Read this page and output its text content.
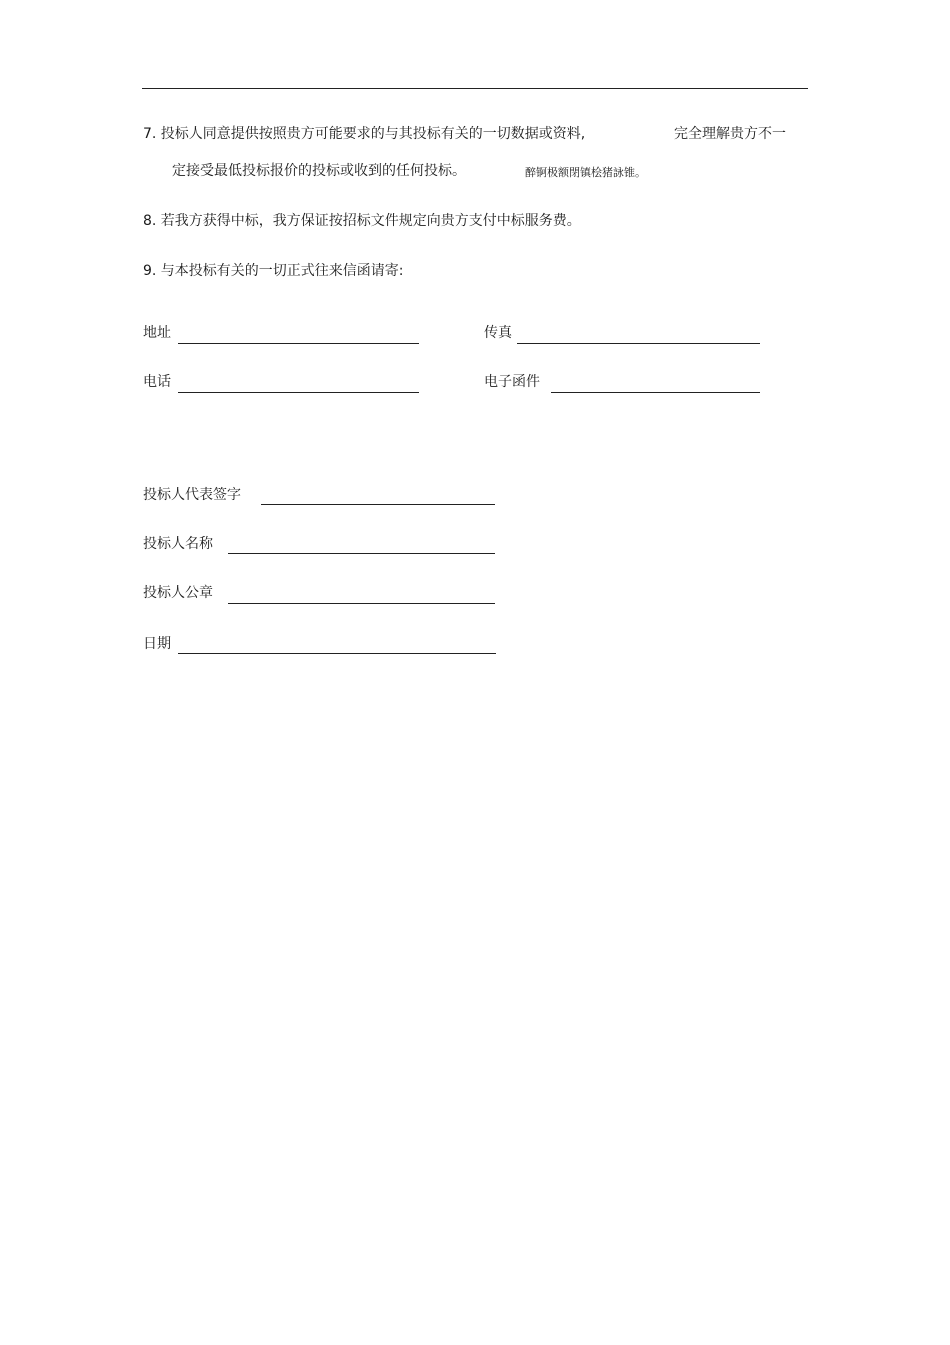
7. 投标人同意提供按照贵方可能要求的与其投标有关的一切数据或资料,	完全理解贵方不一
定接受最低投标报价的投标或收到的任何投标。	醉锕极额閉镇桧猪詠锥。
8. 若我方获得中标，我方保证按招标文件规定向贵方支付中标服务费。
9. 与本投标有关的一切正式往来信函请寄:
地址	传真
电话	电子函件
投标人代表签字
投标人名称
投标人公章
日期
